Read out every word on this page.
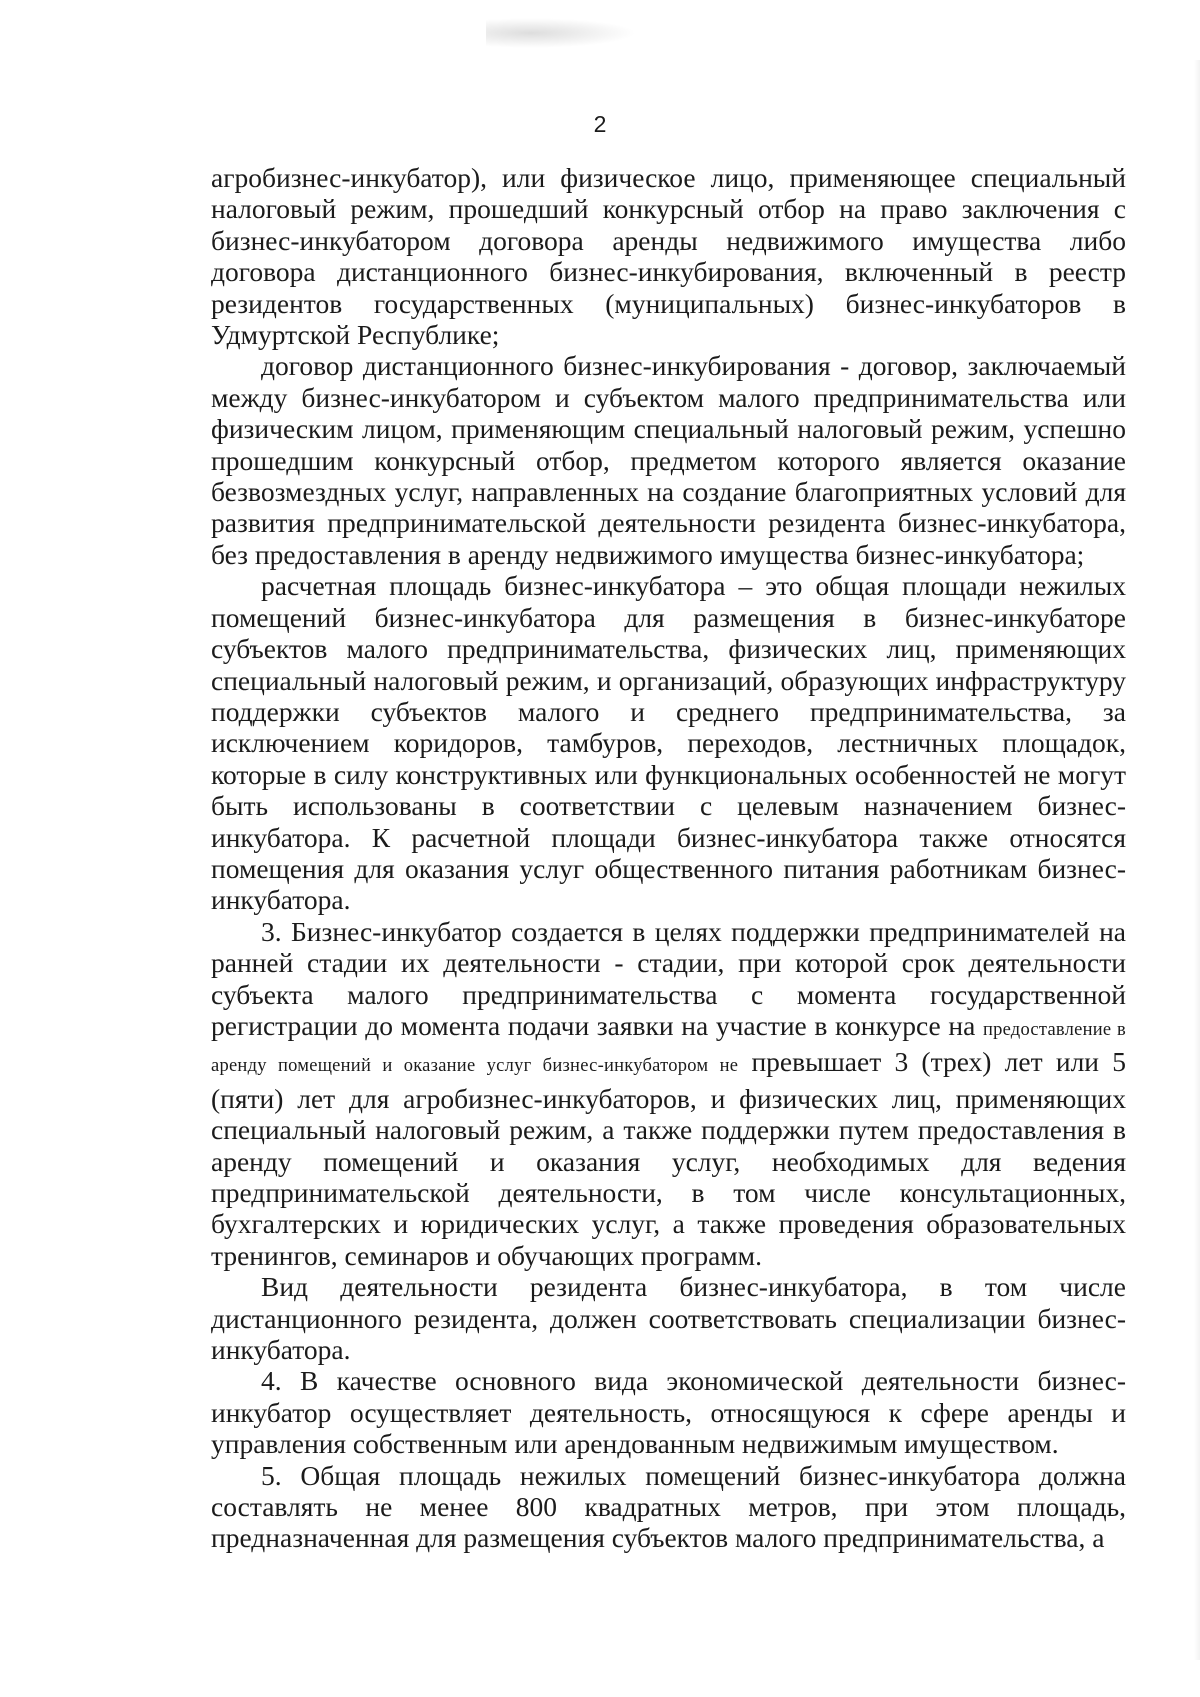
2

агробизнес-инкубатор), или физическое лицо, применяющее специальный налоговый режим, прошедший конкурсный отбор на право заключения с бизнес-инкубатором договора аренды недвижимого имущества либо договора дистанционного бизнес-инкубирования, включенный в реестр резидентов государственных (муниципальных) бизнес-инкубаторов в Удмуртской Республике;

договор дистанционного бизнес-инкубирования - договор, заключаемый между бизнес-инкубатором и субъектом малого предпринимательства или физическим лицом, применяющим специальный налоговый режим, успешно прошедшим конкурсный отбор, предметом которого является оказание безвозмездных услуг, направленных на создание благоприятных условий для развития предпринимательской деятельности резидента бизнес-инкубатора, без предоставления в аренду недвижимого имущества бизнес-инкубатора;

расчетная площадь бизнес-инкубатора – это общая площади нежилых помещений бизнес-инкубатора для размещения в бизнес-инкубаторе субъектов малого предпринимательства, физических лиц, применяющих специальный налоговый режим, и организаций, образующих инфраструктуру поддержки субъектов малого и среднего предпринимательства, за исключением коридоров, тамбуров, переходов, лестничных площадок, которые в силу конструктивных или функциональных особенностей не могут быть использованы в соответствии с целевым назначением бизнес-инкубатора. К расчетной площади бизнес-инкубатора также относятся помещения для оказания услуг общественного питания работникам бизнес-инкубатора.

3. Бизнес-инкубатор создается в целях поддержки предпринимателей на ранней стадии их деятельности - стадии, при которой срок деятельности субъекта малого предпринимательства с момента государственной регистрации до момента подачи заявки на участие в конкурсе на предоставление в аренду помещений и оказание услуг бизнес-инкубатором не превышает 3 (трех) лет или 5 (пяти) лет для агробизнес-инкубаторов, и физических лиц, применяющих специальный налоговый режим, а также поддержки путем предоставления в аренду помещений и оказания услуг, необходимых для ведения предпринимательской деятельности, в том числе консультационных, бухгалтерских и юридических услуг, а также проведения образовательных тренингов, семинаров и обучающих программ.

Вид деятельности резидента бизнес-инкубатора, в том числе дистанционного резидента, должен соответствовать специализации бизнес-инкубатора.

4. В качестве основного вида экономической деятельности бизнес-инкубатор осуществляет деятельность, относящуюся к сфере аренды и управления собственным или арендованным недвижимым имуществом.

5. Общая площадь нежилых помещений бизнес-инкубатора должна составлять не менее 800 квадратных метров, при этом площадь, предназначенная для размещения субъектов малого предпринимательства, а
